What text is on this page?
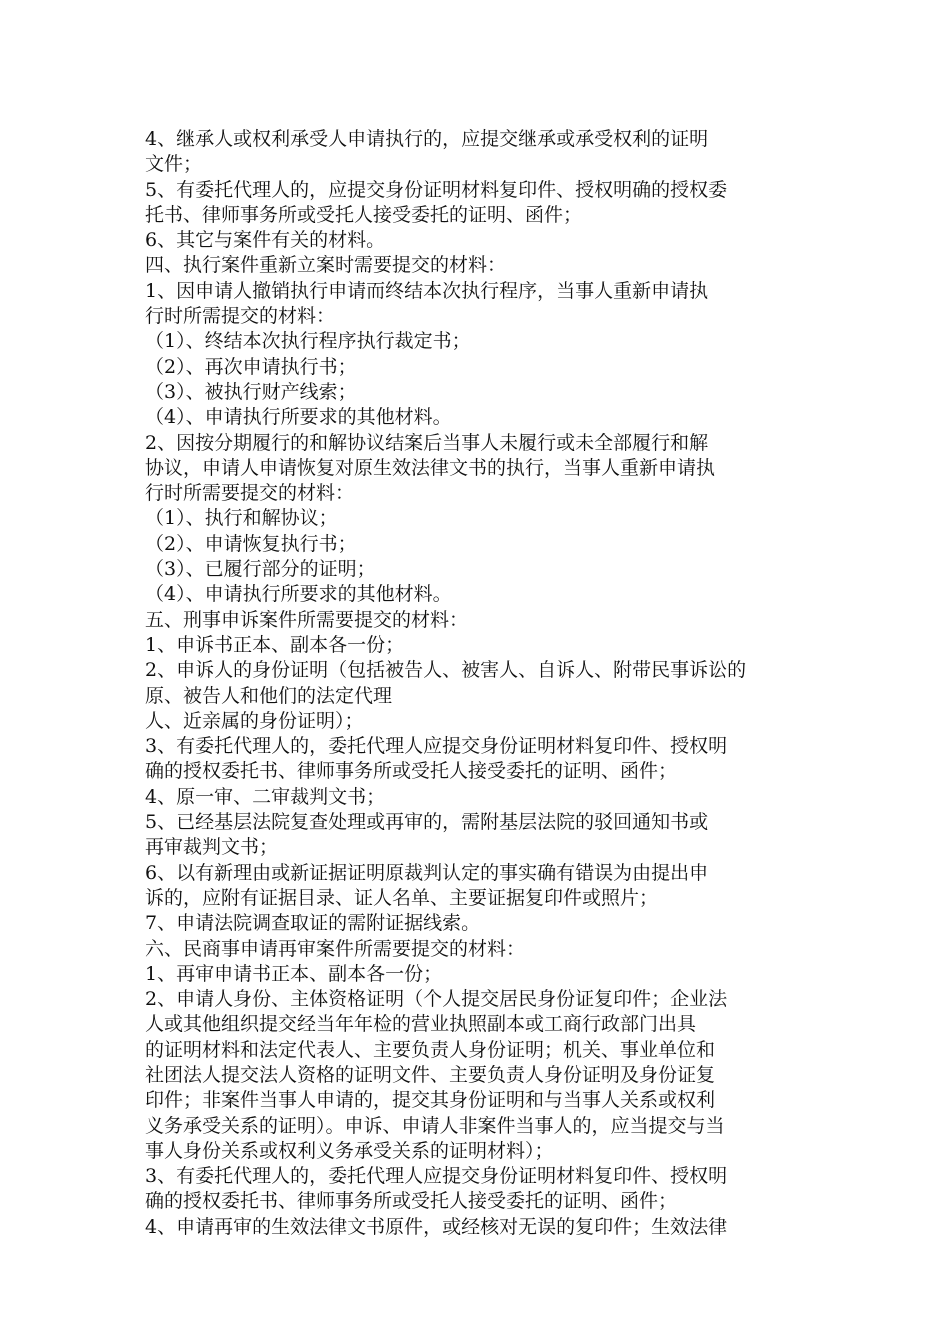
4、继承人或权利承受人申请执行的，应提交继承或承受权利的证明
文件；
5、有委托代理人的，应提交身份证明材料复印件、授权明确的授权委
托书、律师事务所或受托人接受委托的证明、函件；
6、其它与案件有关的材料。
四、执行案件重新立案时需要提交的材料：
1、因申请人撤销执行申请而终结本次执行程序，当事人重新申请执
行时所需提交的材料：
（1）、终结本次执行程序执行裁定书；
（2）、再次申请执行书；
（3）、被执行财产线索；
（4）、申请执行所要求的其他材料。
2、因按分期履行的和解协议结案后当事人未履行或未全部履行和解
协议，申请人申请恢复对原生效法律文书的执行，当事人重新申请执
行时所需要提交的材料：
（1）、执行和解协议；
（2）、申请恢复执行书；
（3）、已履行部分的证明；
（4）、申请执行所要求的其他材料。
五、刑事申诉案件所需要提交的材料：
1、申诉书正本、副本各一份；
2、申诉人的身份证明（包括被告人、被害人、自诉人、附带民事诉讼的
原、被告人和他们的法定代理
人、近亲属的身份证明）；
3、有委托代理人的，委托代理人应提交身份证明材料复印件、授权明
确的授权委托书、律师事务所或受托人接受委托的证明、函件；
4、原一审、二审裁判文书；
5、已经基层法院复查处理或再审的，需附基层法院的驳回通知书或
再审裁判文书；
6、以有新理由或新证据证明原裁判认定的事实确有错误为由提出申
诉的，应附有证据目录、证人名单、主要证据复印件或照片；
7、申请法院调查取证的需附证据线索。
六、民商事申请再审案件所需要提交的材料：
1、再审申请书正本、副本各一份；
2、申请人身份、主体资格证明（个人提交居民身份证复印件；企业法
人或其他组织提交经当年年检的营业执照副本或工商行政部门出具
的证明材料和法定代表人、主要负责人身份证明；机关、事业单位和
社团法人提交法人资格的证明文件、主要负责人身份证明及身份证复
印件；非案件当事人申请的，提交其身份证明和与当事人关系或权利
义务承受关系的证明）。申诉、申请人非案件当事人的，应当提交与当
事人身份关系或权利义务承受关系的证明材料）；
3、有委托代理人的，委托代理人应提交身份证明材料复印件、授权明
确的授权委托书、律师事务所或受托人接受委托的证明、函件；
4、申请再审的生效法律文书原件，或经核对无误的复印件；生效法律
